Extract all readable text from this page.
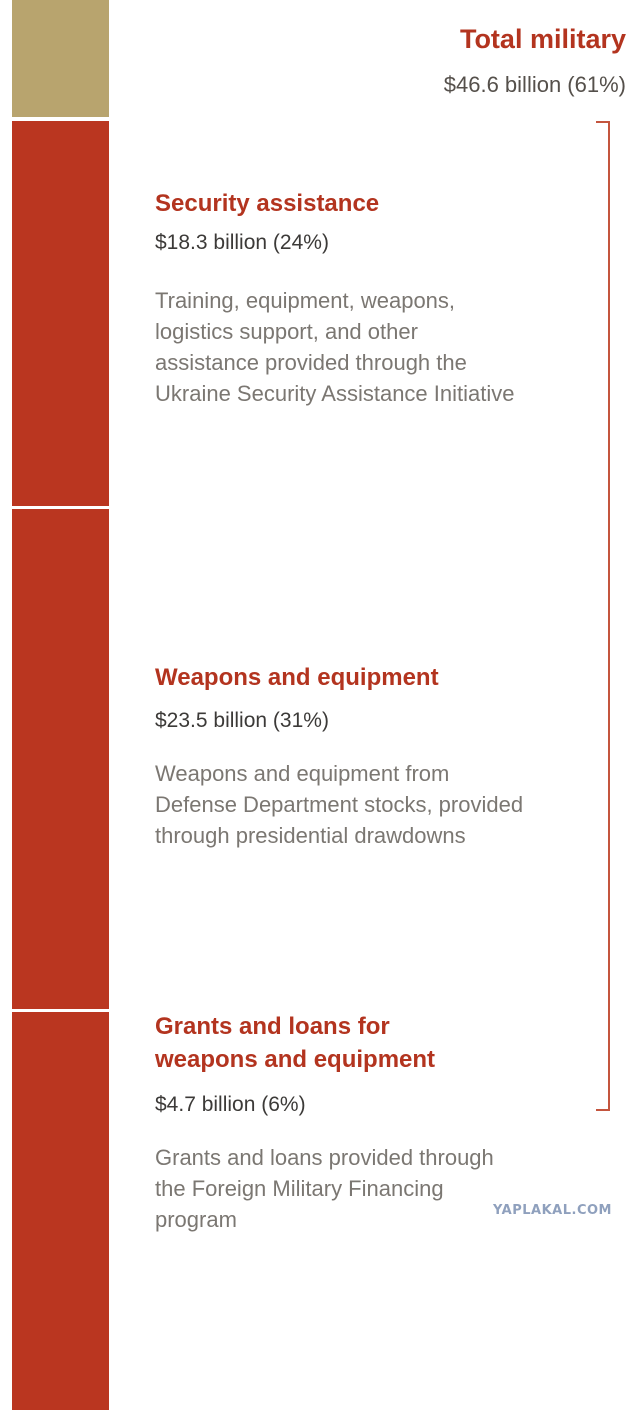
Total military
$46.6 billion (61%)
Security assistance
$18.3 billion (24%)
Training, equipment, weapons, logistics support, and other assistance provided through the Ukraine Security Assistance Initiative
Weapons and equipment
$23.5 billion (31%)
Weapons and equipment from Defense Department stocks, provided through presidential drawdowns
Grants and loans for weapons and equipment
$4.7 billion (6%)
Grants and loans provided through the Foreign Military Financing program	YAPLAKAL.COM
